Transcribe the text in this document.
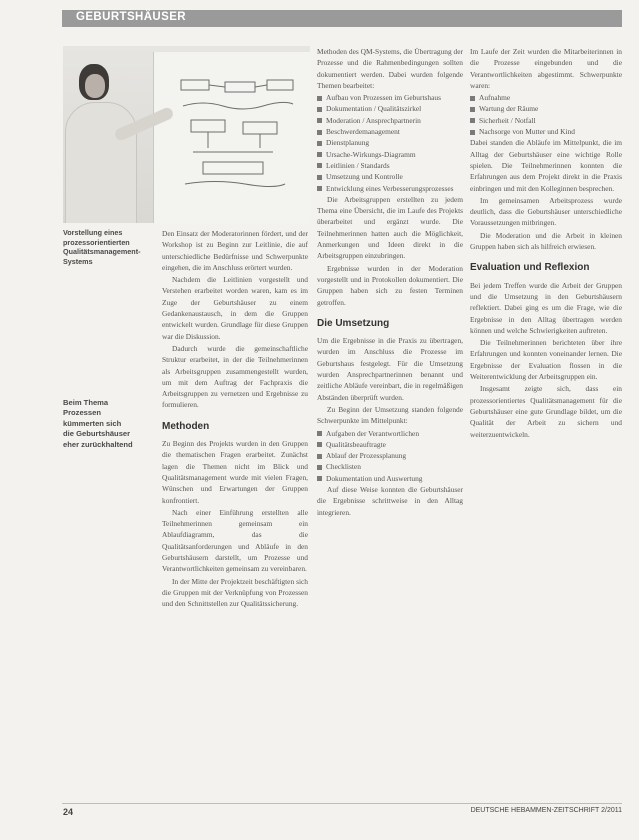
GEBURTSHÄUSER
Vorstellung eines prozessorientierten Qualitätsmanagement-Systems
Beim Thema Prozessen kümmerten sich die Geburtshäuser eher zurückhaltend

Den Einsatz der Moderatorinnen fördert, und der Workshop ist zu Beginn zur Leitlinie, die auf unterschiedliche Bedürfnisse und Schwerpunkte eingehen, die im Anschluss erörtert wurden.

Nachdem die Leitlinien vorgestellt und Verstehen erarbeitet worden waren, kam es im Zuge der Geburtshäuser zu einem Gedankenaustausch, in dem die Gruppen entwickelt wurden. Grundlage für diese Gruppen war die Diskussion.

Dadurch wurde die gemeinschaftliche Struktur erarbeitet, in der die Teilnehmerinnen als Arbeitsgruppen zusammengestellt wurden, um mit dem Auftrag der Fachpraxis die Arbeitsgruppen zu vernetzen und Ergebnisse zu formulieren.

Methoden

Zu Beginn des Projekts wurden in den Gruppen die thematischen Fragen erarbeitet. Zunächst lagen die Themen nicht im Blick und Qualitätsmanagement wurde mit vielen Fragen, Wünschen und Erwartungen der Gruppen konfrontiert.

Nach einer Einführung erstellten alle Teilnehmerinnen gemeinsam ein Ablaufdiagramm, das die Qualitätsanforderungen und Abläufe in den Geburtshäusern darstellt, um Prozesse und Verantwortlichkeiten gemeinsam zu vereinbaren.

In der Mitte der Projektzeit beschäftigten sich die Gruppen mit der Verknüpfung von Prozessen und den Schnittstellen zur Qualitätssicherung.

Methoden des QM-Systems, die Übertragung der Prozesse und die Rahmenbedingungen sollten dokumentiert werden. Dabei wurden folgende Themen bearbeitet:

Aufbau von Prozessen im Geburtshaus
Dokumentation / Qualitätszirkel
Moderation / Ansprechpartnerin
Beschwerdemanagement
Dienstplanung
Ursache-Wirkungs-Diagramm
Leitlinien / Standards
Umsetzung und Kontrolle
Entwicklung eines Verbesserungsprozesses

Die Arbeitsgruppen erstellten zu jedem Thema eine Übersicht, die im Laufe des Projekts überarbeitet und ergänzt wurde. Die Teilnehmerinnen hatten auch die Möglichkeit, Anmerkungen und Ideen direkt in die Arbeitsgruppen einzubringen.

Ergebnisse wurden in der Moderation vorgestellt und in Protokollen dokumentiert. Die Gruppen haben sich zu festen Terminen getroffen.

Die Umsetzung

Um die Ergebnisse in die Praxis zu übertragen, wurden im Anschluss die Prozesse im Geburtshaus festgelegt. Für die Umsetzung wurden Ansprechpartnerinnen benannt und zeitliche Abläufe vereinbart, die in regelmäßigen Abständen überprüft wurden.

Zu Beginn der Umsetzung standen folgende Schwerpunkte im Mittelpunkt:

Aufgaben der Verantwortlichen
Qualitätsbeauftragte
Ablauf der Prozessplanung
Checklisten
Dokumentation und Auswertung

Auf diese Weise konnten die Geburtshäuser die Ergebnisse schrittweise in den Alltag integrieren.

Im Laufe der Zeit wurden die Mitarbeiterinnen in die Prozesse eingebunden und die Verantwortlichkeiten abgestimmt. Schwerpunkte waren:

Aufnahme
Wartung der Räume
Sicherheit / Notfall
Nachsorge von Mutter und Kind

Dabei standen die Abläufe im Mittelpunkt, die im Alltag der Geburtshäuser eine wichtige Rolle spielen. Die Teilnehmerinnen konnten die Erfahrungen aus dem Projekt direkt in die Praxis einbringen und mit den Kolleginnen besprechen.

Im gemeinsamen Arbeitsprozess wurde deutlich, dass die Geburtshäuser unterschiedliche Voraussetzungen mitbringen.

Die Moderation und die Arbeit in kleinen Gruppen haben sich als hilfreich erwiesen.

Evaluation und Reflexion

Bei jedem Treffen wurde die Arbeit der Gruppen und die Umsetzung in den Geburtshäusern reflektiert. Dabei ging es um die Frage, wie die Ergebnisse in den Alltag übertragen werden können und welche Schwierigkeiten auftreten.

Die Teilnehmerinnen berichteten über ihre Erfahrungen und konnten voneinander lernen. Die Ergebnisse der Evaluation flossen in die Weiterentwicklung der Arbeitsgruppen ein.

Insgesamt zeigte sich, dass ein prozessorientiertes Qualitätsmanagement für die Geburtshäuser eine gute Grundlage bildet, um die Qualität der Arbeit zu sichern und weiterzuentwickeln.

24	DEUTSCHE HEBAMMEN-ZEITSCHRIFT 2/2011
